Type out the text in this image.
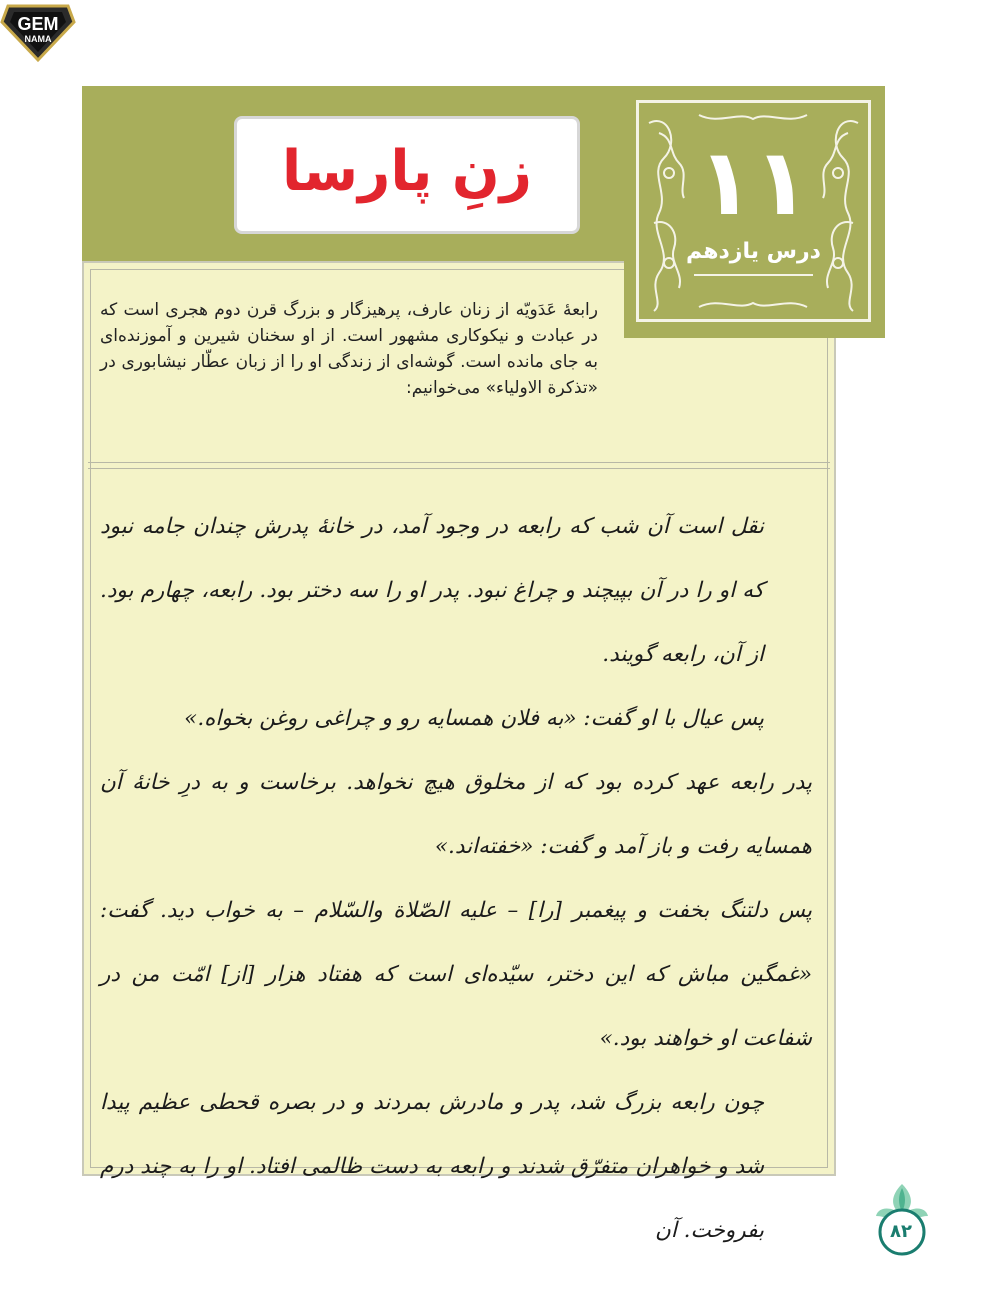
GEM
NAMA
زنِ پارسا	۱۱
درس یازدهم
رابعهٔ عَدَویّه از زنان عارف، پرهیزگار و بزرگ قرن دوم هجری است که در عبادت و نیکوکاری مشهور است. از او سخنان شیرین و آموزنده‌ای به جای مانده است. گوشه‌ای از زندگی او را از زبان عطّار نیشابوری در «تذکرة الاولیاء» می‌خوانیم:

نقل است آن شب که رابعه در وجود آمد، در خانهٔ پدرش چندان جامه نبود که او را در آن بپیچند و چراغ نبود. پدر او را سه دختر بود. رابعه، چهارم بود. از آن، رابعه گویند.

پس عیال با او گفت: «به فلان همسایه رو و چراغی روغن بخواه.»

پدر رابعه عهد کرده بود که از مخلوق هیچ نخواهد. برخاست و به درِ خانهٔ آن همسایه رفت و باز آمد و گفت: «خفته‌اند.»

پس دلتنگ بخفت و پیغمبر [را] – علیه الصّلاة والسّلام – به خواب دید. گفت: «غمگین مباش که این دختر، سیّده‌ای است که هفتاد هزار [از] امّت من در شفاعت او خواهند بود.»

چون رابعه بزرگ شد، پدر و مادرش بمردند و در بصره قحطی عظیم پیدا شد و خواهران متفرّق شدند و رابعه به دست ظالمی افتاد. او را به چند درم بفروخت. آن	۸۲
